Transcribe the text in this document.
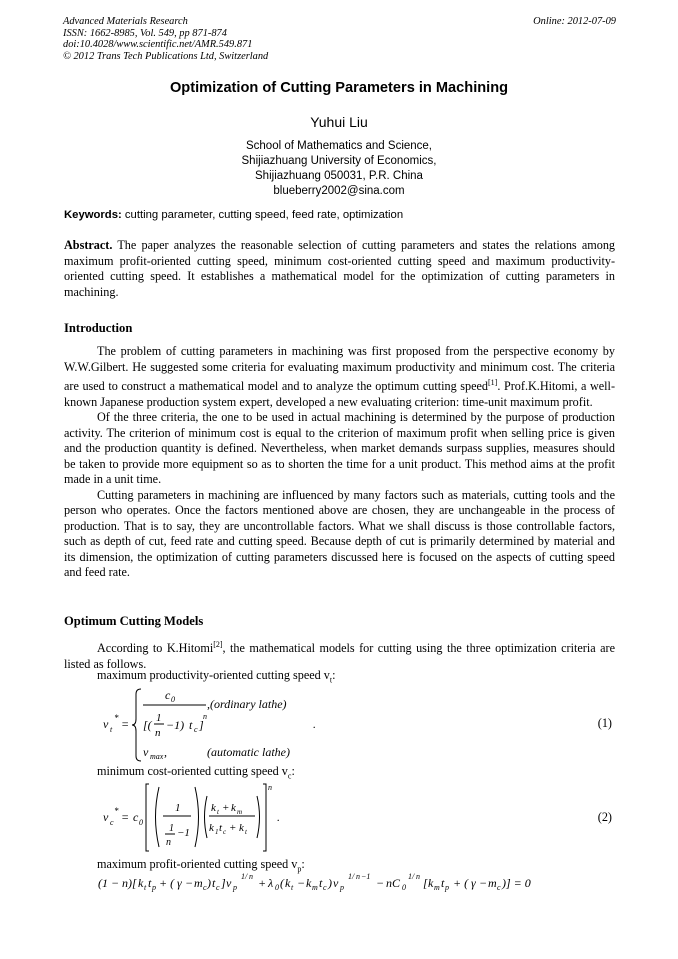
Advanced Materials Research
ISSN: 1662-8985, Vol. 549, pp 871-874
doi:10.4028/www.scientific.net/AMR.549.871
© 2012 Trans Tech Publications Ltd, Switzerland
Online: 2012-07-09
Optimization of Cutting Parameters in Machining
Yuhui Liu
School of Mathematics and Science,
Shijiazhuang University of Economics,
Shijiazhuang 050031, P.R. China
blueberry2002@sina.com
Keywords: cutting parameter, cutting speed, feed rate, optimization

Abstract. The paper analyzes the reasonable selection of cutting parameters and states the relations among maximum profit-oriented cutting speed, minimum cost-oriented cutting speed and maximum productivity-oriented cutting speed. It establishes a mathematical model for the optimization of cutting parameters in machining.

Introduction

The problem of cutting parameters in machining was first proposed from the perspective economy by W.W.Gilbert. He suggested some criteria for evaluating maximum productivity and minimum cost. The criteria are used to construct a mathematical model and to analyze the optimum cutting speed[1]. Prof.K.Hitomi, a well-known Japanese production system expert, developed a new evaluating criterion: time-unit maximum profit.

Of the three criteria, the one to be used in actual machining is determined by the purpose of production activity. The criterion of minimum cost is equal to the criterion of maximum profit when selling price is given and the production quantity is defined. Nevertheless, when market demands surpass supplies, measures should be taken to provide more equipment so as to shorten the time for a unit product. This method aims at the profit made in a unit time.

Cutting parameters in machining are influenced by many factors such as materials, cutting tools and the person who operates. Once the factors mentioned above are chosen, they are unchangeable in the process of production. That is to say, they are uncontrollable factors. What we shall discuss is those controllable factors, such as depth of cut, feed rate and cutting speed. Because depth of cut is primarily determined by material and its dimension, the optimization of cutting parameters discussed here is focused on the aspects of cutting speed and feed rate.

Optimum Cutting Models

According to K.Hitomi[2], the mathematical models for cutting using the three optimization criteria are listed as follows.

maximum productivity-oriented cutting speed $v_t$:
v t
* =
c 0
[( 1
n
−1) t c ]
n
,(ordinary lathe)
v max ,	(automatic lathe)
.	(1)
minimum cost-oriented cutting speed $v_c$:
v c
* = c 0
1
1
n
−1
k t + k m
k 1 t c + k t
n
.	(2)
maximum profit-oriented cutting speed $v_p$:
(1 − n )[ k t t p + ( γ − m c ) t c ] v p
1/ n + λ 0 ( k t − k m t c ) v p
1/ n −1 − nC 0
1/ n [ k m t p + ( γ − m c )] = 0
